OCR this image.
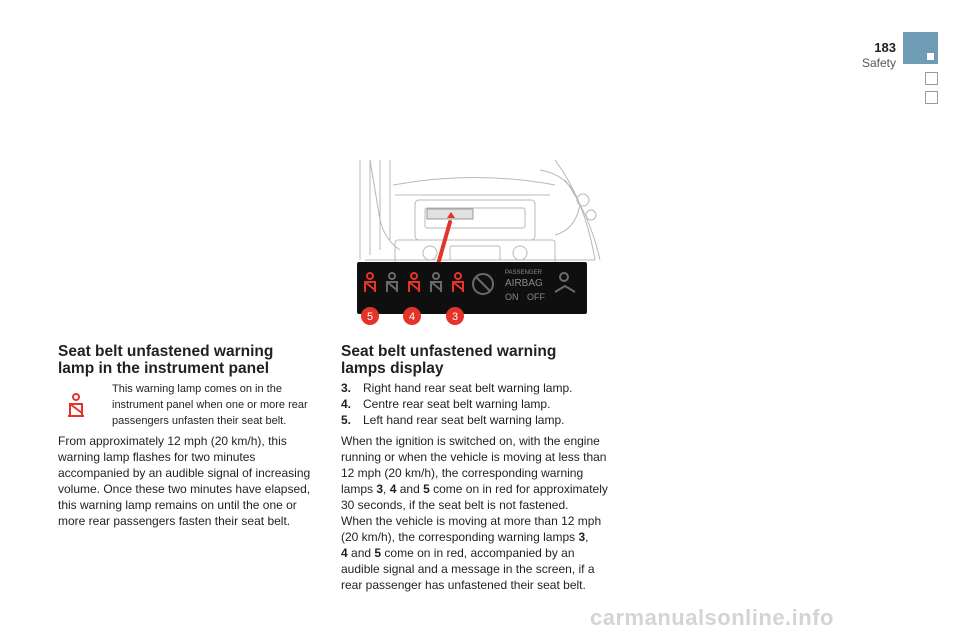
183
Safety
PASSENGER
AIRBAG
ON OFF
5	4	3
Seat belt unfastened warning lamp in the instrument panel

This warning lamp comes on in the instrument panel when one or more rear passengers unfasten their seat belt.

From approximately 12 mph (20 km/h), this warning lamp flashes for two minutes accompanied by an audible signal of increasing volume. Once these two minutes have elapsed, this warning lamp remains on until the one or more rear passengers fasten their seat belt.

Seat belt unfastened warning lamps display
3. Right hand rear seat belt warning lamp.
4. Centre rear seat belt warning lamp.
5. Left hand rear seat belt warning lamp.

When the ignition is switched on, with the engine running or when the vehicle is moving at less than 12 mph (20 km/h), the corresponding warning lamps 3, 4 and 5 come on in red for approximately 30 seconds, if the seat belt is not fastened.
When the vehicle is moving at more than 12 mph (20 km/h), the corresponding warning lamps 3,
4 and 5 come on in red, accompanied by an audible signal and a message in the screen, if a rear passenger has unfastened their seat belt.

carmanualsonline.info
